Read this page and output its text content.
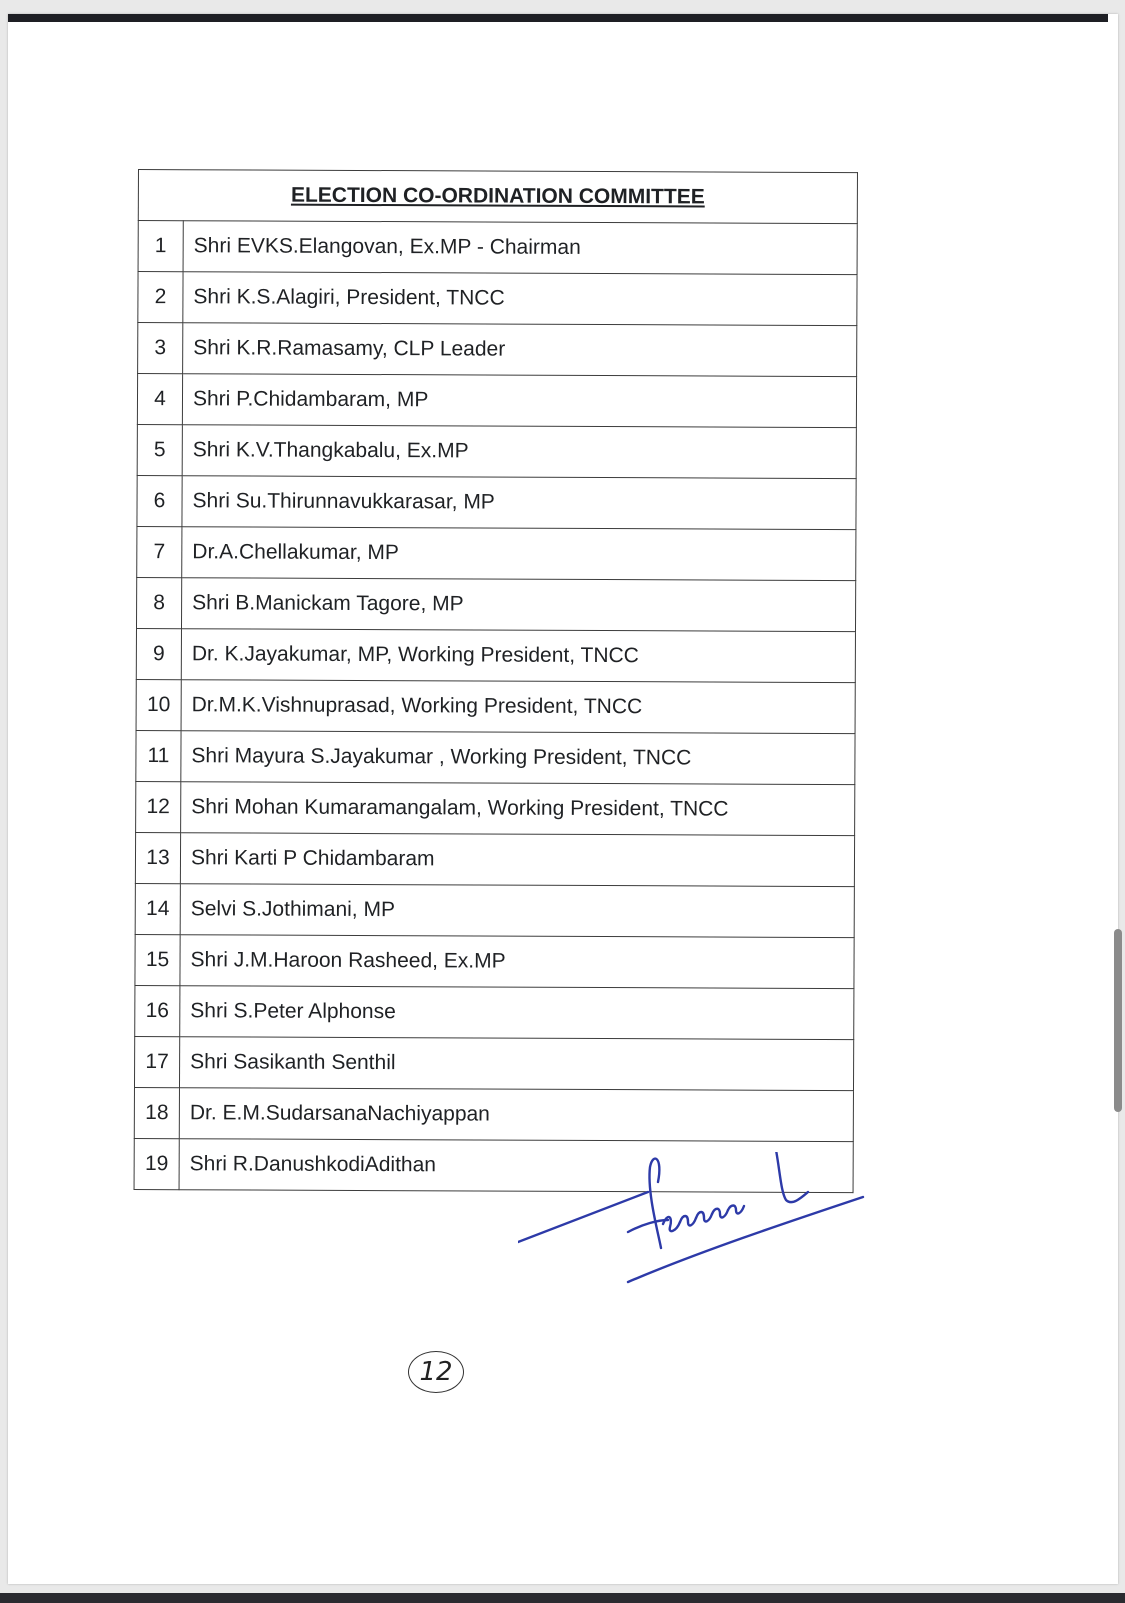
ELECTION CO-ORDINATION COMMITTEE	
1	Shri EVKS.Elangovan, Ex.MP - Chairman
2	Shri K.S.Alagiri, President, TNCC
3	Shri K.R.Ramasamy, CLP Leader
4	Shri P.Chidambaram, MP
5	Shri K.V.Thangkabalu, Ex.MP
6	Shri Su.Thirunnavukkarasar, MP
7	Dr.A.Chellakumar, MP
8	Shri B.Manickam Tagore, MP
9	Dr. K.Jayakumar, MP, Working President, TNCC
10	Dr.M.K.Vishnuprasad, Working President, TNCC
11	Shri Mayura S.Jayakumar , Working President, TNCC
12	Shri Mohan Kumaramangalam, Working President, TNCC
13	Shri Karti P Chidambaram
14	Selvi S.Jothimani, MP
15	Shri J.M.Haroon Rasheed, Ex.MP
16	Shri S.Peter Alphonse
17	Shri Sasikanth Senthil
18	Dr. E.M.SudarsanaNachiyappan
19	Shri R.DanushkodiAdithan
12
